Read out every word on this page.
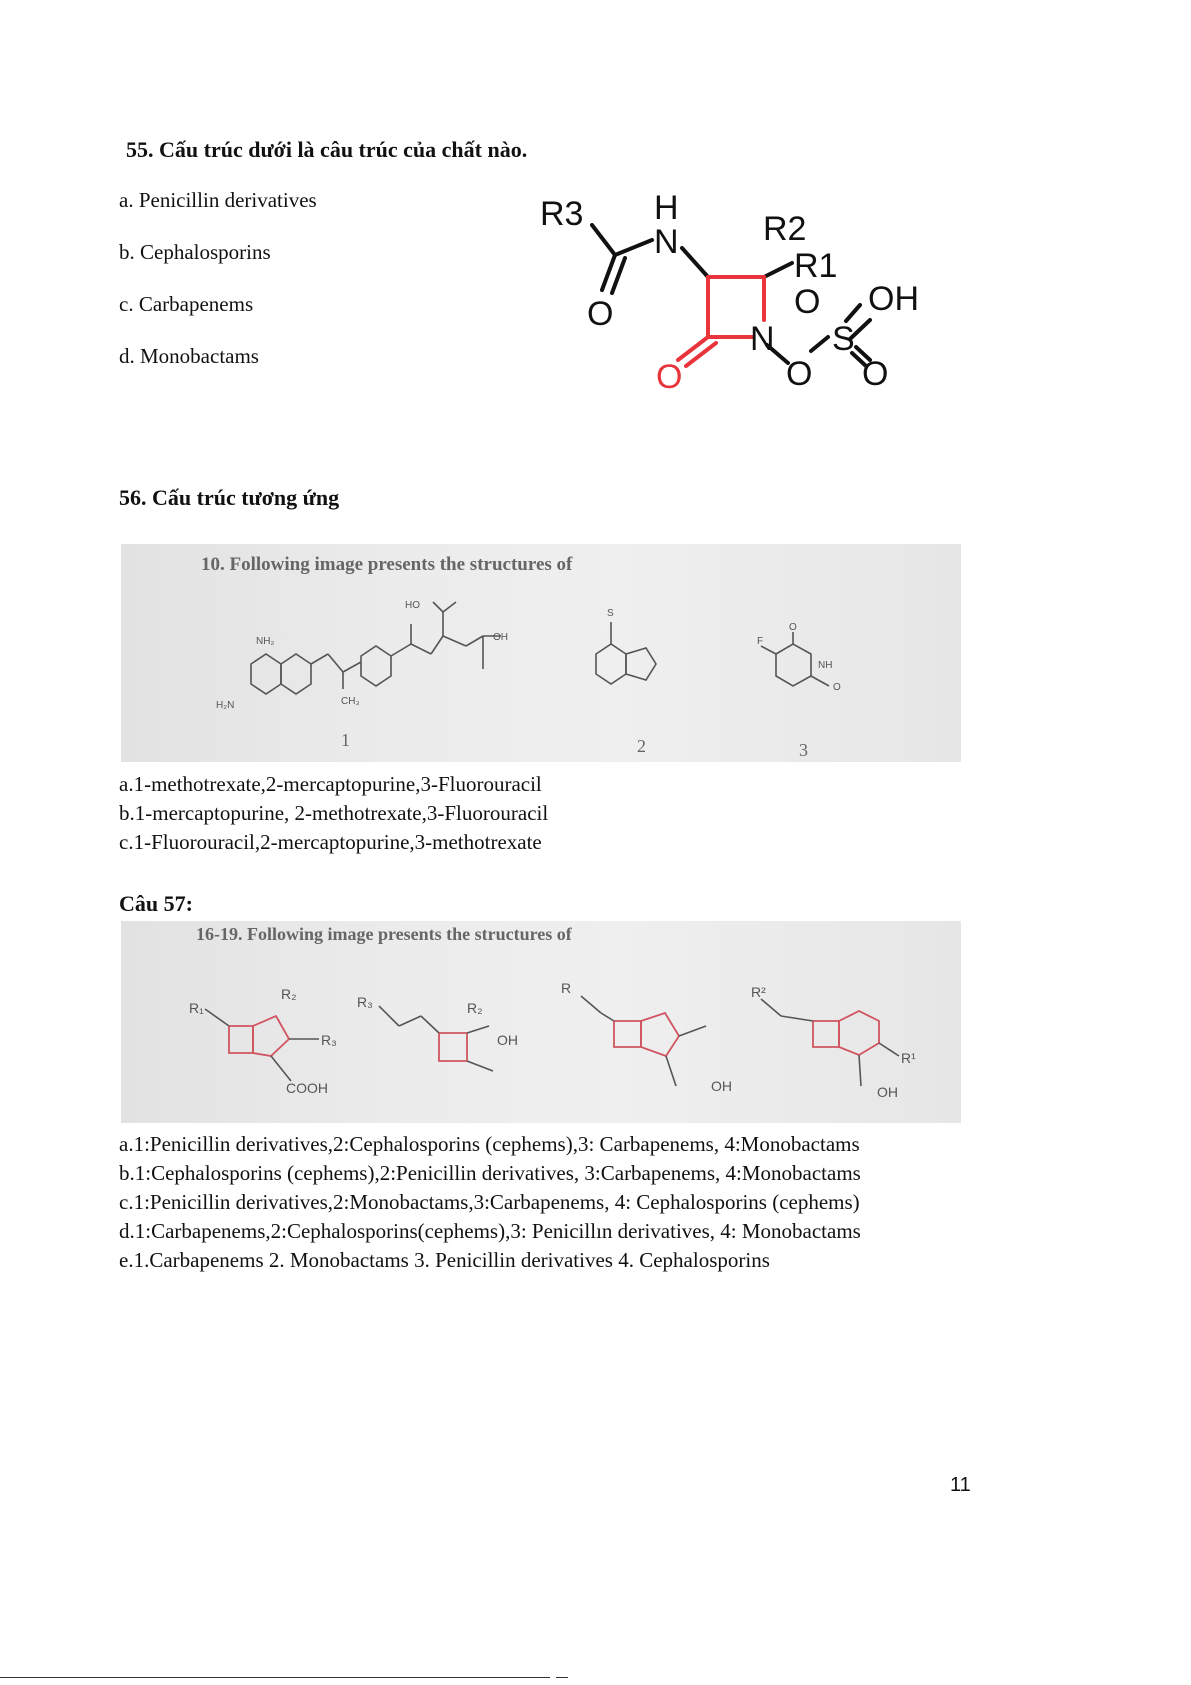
55. Cấu trúc dưới là câu trúc của chất nào.
a. Penicillin derivatives
b. Cephalosporins
c. Carbapenems
d. Monobactams
R3 H
N R2
R1
O	O
S
OH
O O
N
O
56. Cấu trúc tương ứng
10. Following image presents the structures of
NH₂
H₂N	CH₃
HO
OH
S
F
NH
O
O
1	2	3
a.1-methotrexate,2-mercaptopurine,3-Fluorouracil
b.1-mercaptopurine, 2-methotrexate,3-Fluorouracil
c.1-Fluorouracil,2-mercaptopurine,3-methotrexate
Câu 57:
16-19. Following image presents the structures of
R₁
R₂
R₃
COOH
R₃	R₂
OH
R
OH
R²
R¹
OH
a.1:Penicillin derivatives,2:Cephalosporins (cephems),3: Carbapenems, 4:Monobactams
b.1:Cephalosporins (cephems),2:Penicillin derivatives, 3:Carbapenems, 4:Monobactams
c.1:Penicillin derivatives,2:Monobactams,3:Carbapenems, 4: Cephalosporins (cephems)
d.1:Carbapenems,2:Cephalosporins(cephems),3: Penicillın derivatives, 4: Monobactams
e.1.Carbapenems 2. Monobactams 3. Penicillin derivatives 4. Cephalosporins
11
